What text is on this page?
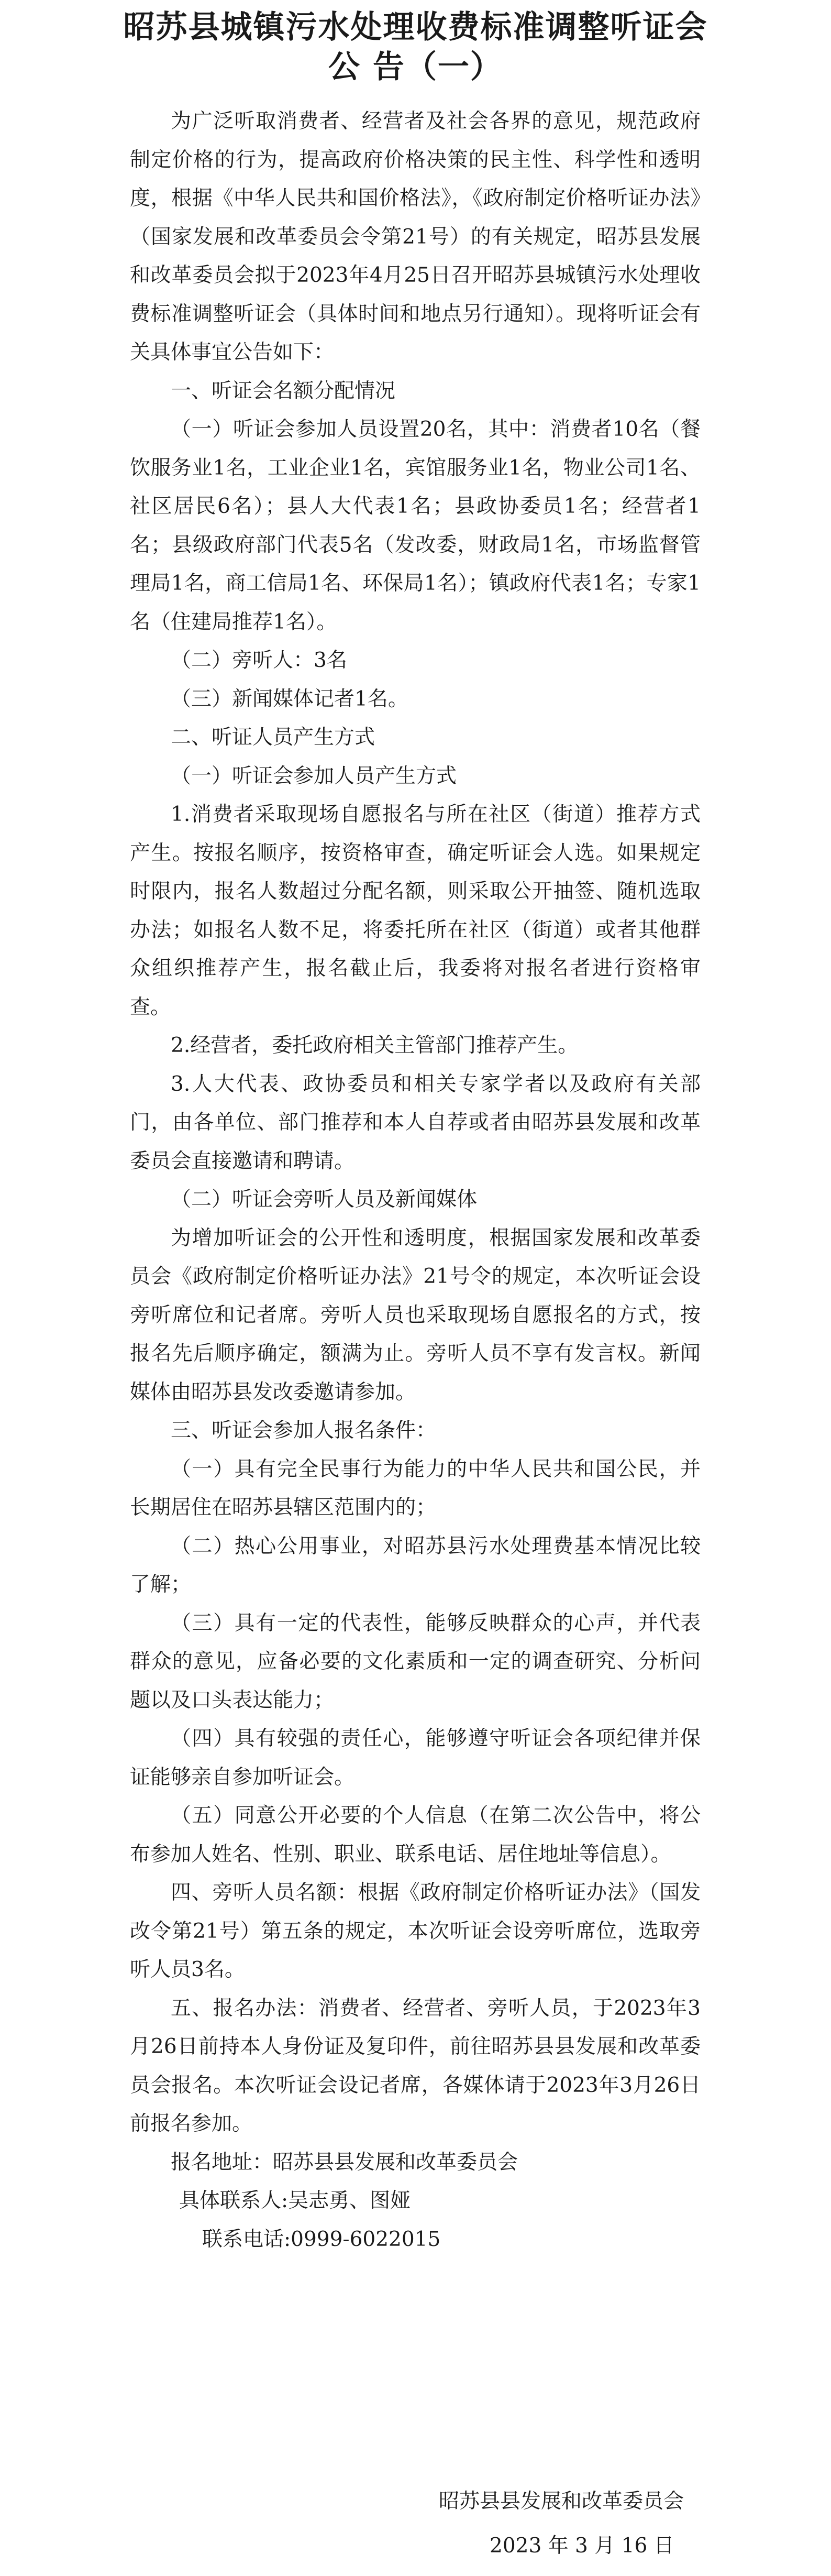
昭苏县城镇污水处理收费标准调整听证会
公 告（一）

为广泛听取消费者、经营者及社会各界的意见，规范政府制定价格的行为，提高政府价格决策的民主性、科学性和透明度，根据《中华人民共和国价格法》，《政府制定价格听证办法》（国家发展和改革委员会令第21号）的有关规定，昭苏县发展和改革委员会拟于2023年4月25日召开昭苏县城镇污水处理收费标准调整听证会（具体时间和地点另行通知）。现将听证会有关具体事宜公告如下：

一、听证会名额分配情况

（一）听证会参加人员设置20名，其中：消费者10名（餐饮服务业1名，工业企业1名，宾馆服务业1名，物业公司1名、社区居民6名）；县人大代表1名；县政协委员1名；经营者1名；县级政府部门代表5名（发改委，财政局1名，市场监督管理局1名，商工信局1名、环保局1名）；镇政府代表1名；专家1名（住建局推荐1名）。

（二）旁听人：3名

（三）新闻媒体记者1名。

二、听证人员产生方式

（一）听证会参加人员产生方式

1.消费者采取现场自愿报名与所在社区（街道）推荐方式产生。按报名顺序，按资格审查，确定听证会人选。如果规定时限内，报名人数超过分配名额，则采取公开抽签、随机选取办法；如报名人数不足，将委托所在社区（街道）或者其他群众组织推荐产生，报名截止后，我委将对报名者进行资格审查。

2.经营者，委托政府相关主管部门推荐产生。

3.人大代表、政协委员和相关专家学者以及政府有关部门，由各单位、部门推荐和本人自荐或者由昭苏县发展和改革委员会直接邀请和聘请。

（二）听证会旁听人员及新闻媒体

为增加听证会的公开性和透明度，根据国家发展和改革委员会《政府制定价格听证办法》21号令的规定，本次听证会设旁听席位和记者席。旁听人员也采取现场自愿报名的方式，按报名先后顺序确定，额满为止。旁听人员不享有发言权。新闻媒体由昭苏县发改委邀请参加。

三、听证会参加人报名条件：

（一）具有完全民事行为能力的中华人民共和国公民，并长期居住在昭苏县辖区范围内的；

（二）热心公用事业，对昭苏县污水处理费基本情况比较了解；

（三）具有一定的代表性，能够反映群众的心声，并代表群众的意见，应备必要的文化素质和一定的调查研究、分析问题以及口头表达能力；

（四）具有较强的责任心，能够遵守听证会各项纪律并保证能够亲自参加听证会。

（五）同意公开必要的个人信息（在第二次公告中，将公布参加人姓名、性别、职业、联系电话、居住地址等信息）。

四、旁听人员名额：根据《政府制定价格听证办法》（国发改令第21号）第五条的规定，本次听证会设旁听席位，选取旁听人员3名。

五、报名办法：消费者、经营者、旁听人员，于2023年3月26日前持本人身份证及复印件，前往昭苏县县发展和改革委员会报名。本次听证会设记者席，各媒体请于2023年3月26日前报名参加。

报名地址：昭苏县县发展和改革委员会

具体联系人:吴志勇、图娅

联系电话:0999-6022015

昭苏县县发展和改革委员会
2023 年 3 月 16 日
